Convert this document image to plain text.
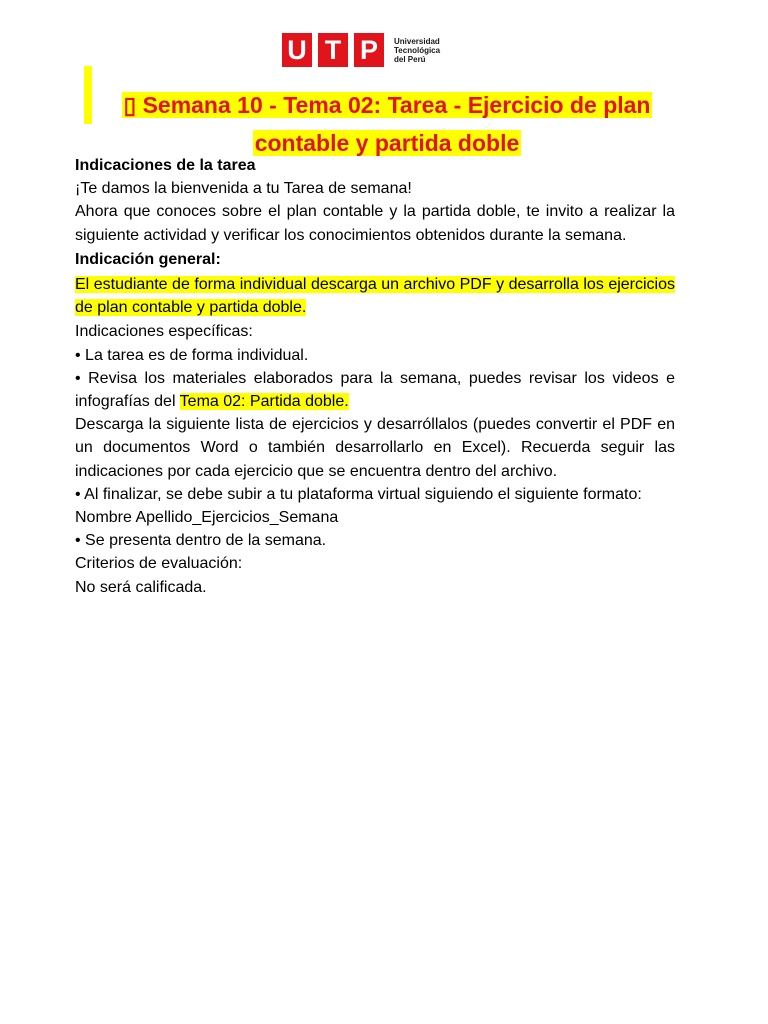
U T P	Universidad
Tecnológica
del Perú
▯ Semana 10 - Tema 02: Tarea - Ejercicio de plan contable y partida doble

Indicaciones de la tarea

¡Te damos la bienvenida a tu Tarea de semana!

Ahora que conoces sobre el plan contable y la partida doble, te invito a realizar la siguiente actividad y verificar los conocimientos obtenidos durante la semana.

Indicación general:

El estudiante de forma individual descarga un archivo PDF y desarrolla los ejercicios de plan contable y partida doble.

Indicaciones específicas:

• La tarea es de forma individual.

• Revisa los materiales elaborados para la semana, puedes revisar los videos e infografías del Tema 02: Partida doble.

Descarga la siguiente lista de ejercicios y desarróllalos (puedes convertir el PDF en un documentos Word o también desarrollarlo en Excel). Recuerda seguir las indicaciones por cada ejercicio que se encuentra dentro del archivo.

• Al finalizar, se debe subir a tu plataforma virtual siguiendo el siguiente formato:

Nombre Apellido_Ejercicios_Semana

• Se presenta dentro de la semana.

Criterios de evaluación:

No será calificada.
